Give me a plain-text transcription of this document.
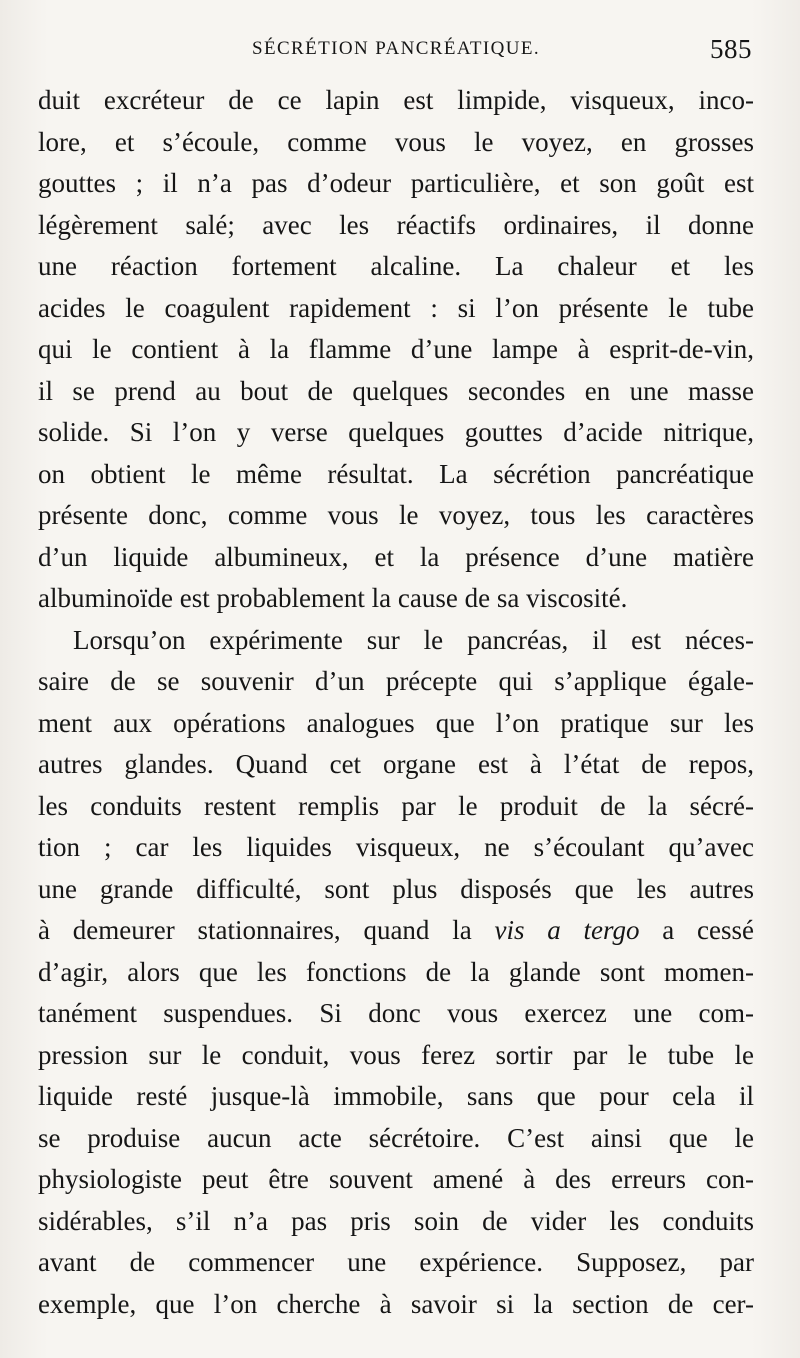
SÉCRÉTION PANCRÉATIQUE.	585
duit excréteur de ce lapin est limpide, visqueux, inco-
lore, et s’écoule, comme vous le voyez, en grosses
gouttes ; il n’a pas d’odeur particulière, et son goût est
légèrement salé; avec les réactifs ordinaires, il donne
une réaction fortement alcaline. La chaleur et les
acides le coagulent rapidement : si l’on présente le tube
qui le contient à la flamme d’une lampe à esprit-de-vin,
il se prend au bout de quelques secondes en une masse
solide. Si l’on y verse quelques gouttes d’acide nitrique,
on obtient le même résultat. La sécrétion pancréatique
présente donc, comme vous le voyez, tous les caractères
d’un liquide albumineux, et la présence d’une matière
albuminoïde est probablement la cause de sa viscosité.
Lorsqu’on expérimente sur le pancréas, il est néces-
saire de se souvenir d’un précepte qui s’applique égale-
ment aux opérations analogues que l’on pratique sur les
autres glandes. Quand cet organe est à l’état de repos,
les conduits restent remplis par le produit de la sécré-
tion ; car les liquides visqueux, ne s’écoulant qu’avec
une grande difficulté, sont plus disposés que les autres
à demeurer stationnaires, quand la vis a tergo a cessé
d’agir, alors que les fonctions de la glande sont momen-
tanément suspendues. Si donc vous exercez une com-
pression sur le conduit, vous ferez sortir par le tube le
liquide resté jusque-là immobile, sans que pour cela il
se produise aucun acte sécrétoire. C’est ainsi que le
physiologiste peut être souvent amené à des erreurs con-
sidérables, s’il n’a pas pris soin de vider les conduits
avant de commencer une expérience. Supposez, par
exemple, que l’on cherche à savoir si la section de cer-
